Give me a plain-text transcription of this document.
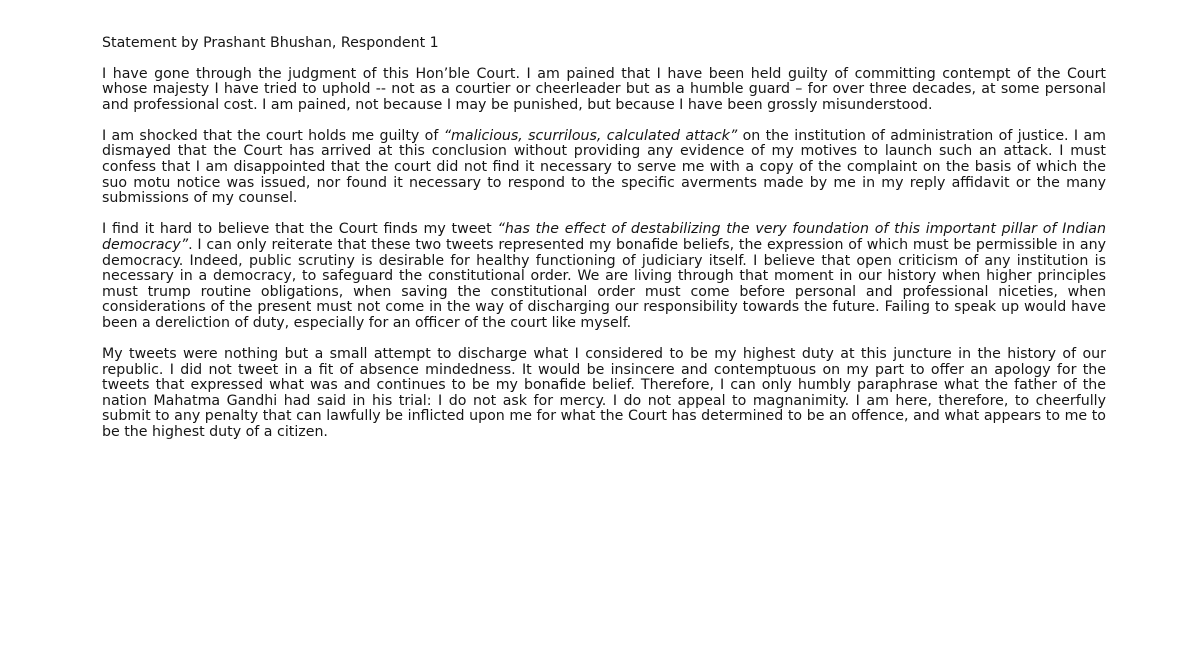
Statement by Prashant Bhushan, Respondent 1

I have gone through the judgment of this Hon’ble Court. I am pained that I have been held guilty of committing contempt of the Court whose majesty I have tried to uphold -- not as a courtier or cheerleader but as a humble guard – for over three decades, at some personal and professional cost. I am pained, not because I may be punished, but because I have been grossly misunderstood.

I am shocked that the court holds me guilty of “malicious, scurrilous, calculated attack” on the institution of administration of justice. I am dismayed that the Court has arrived at this conclusion without providing any evidence of my motives to launch such an attack. I must confess that I am disappointed that the court did not find it necessary to serve me with a copy of the complaint on the basis of which the suo motu notice was issued, nor found it necessary to respond to the specific averments made by me in my reply affidavit or the many submissions of my counsel.

I find it hard to believe that the Court finds my tweet “has the effect of destabilizing the very foundation of this important pillar of Indian democracy”. I can only reiterate that these two tweets represented my bonafide beliefs, the expression of which must be permissible in any democracy. Indeed, public scrutiny is desirable for healthy functioning of judiciary itself. I believe that open criticism of any institution is necessary in a democracy, to safeguard the constitutional order. We are living through that moment in our history when higher principles must trump routine obligations, when saving the constitutional order must come before personal and professional niceties, when considerations of the present must not come in the way of discharging our responsibility towards the future. Failing to speak up would have been a dereliction of duty, especially for an officer of the court like myself.

My tweets were nothing but a small attempt to discharge what I considered to be my highest duty at this juncture in the history of our republic. I did not tweet in a fit of absence mindedness. It would be insincere and contemptuous on my part to offer an apology for the tweets that expressed what was and continues to be my bonafide belief. Therefore, I can only humbly paraphrase what the father of the nation Mahatma Gandhi had said in his trial: I do not ask for mercy. I do not appeal to magnanimity. I am here, therefore, to cheerfully submit to any penalty that can lawfully be inflicted upon me for what the Court has determined to be an offence, and what appears to me to be the highest duty of a citizen.
